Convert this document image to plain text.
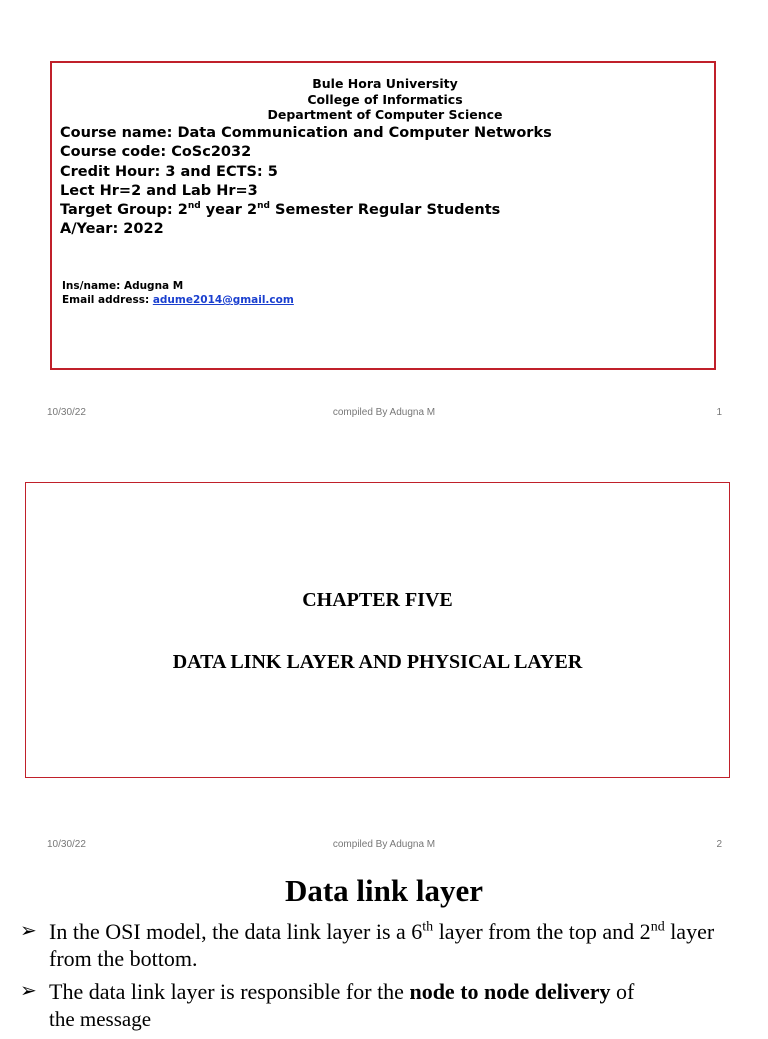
Bule Hora University
College of Informatics
Department of Computer Science
Course name: Data Communication and Computer Networks
Course code: CoSc2032
Credit Hour: 3 and ECTS: 5
Lect Hr=2 and Lab Hr=3
Target Group: 2nd year 2nd Semester Regular Students
A/Year: 2022
Ins/name: Adugna M
Email address: adume2014@gmail.com
10/30/22	compiled By Adugna M	1
CHAPTER FIVE
DATA LINK LAYER AND PHYSICAL LAYER
10/30/22	compiled By Adugna M	2
Data link layer
➢ In the OSI model, the data link layer is a 6th layer from the top and 2nd layer from the bottom.
➢ The data link layer is responsible for the node to node delivery of
the message
